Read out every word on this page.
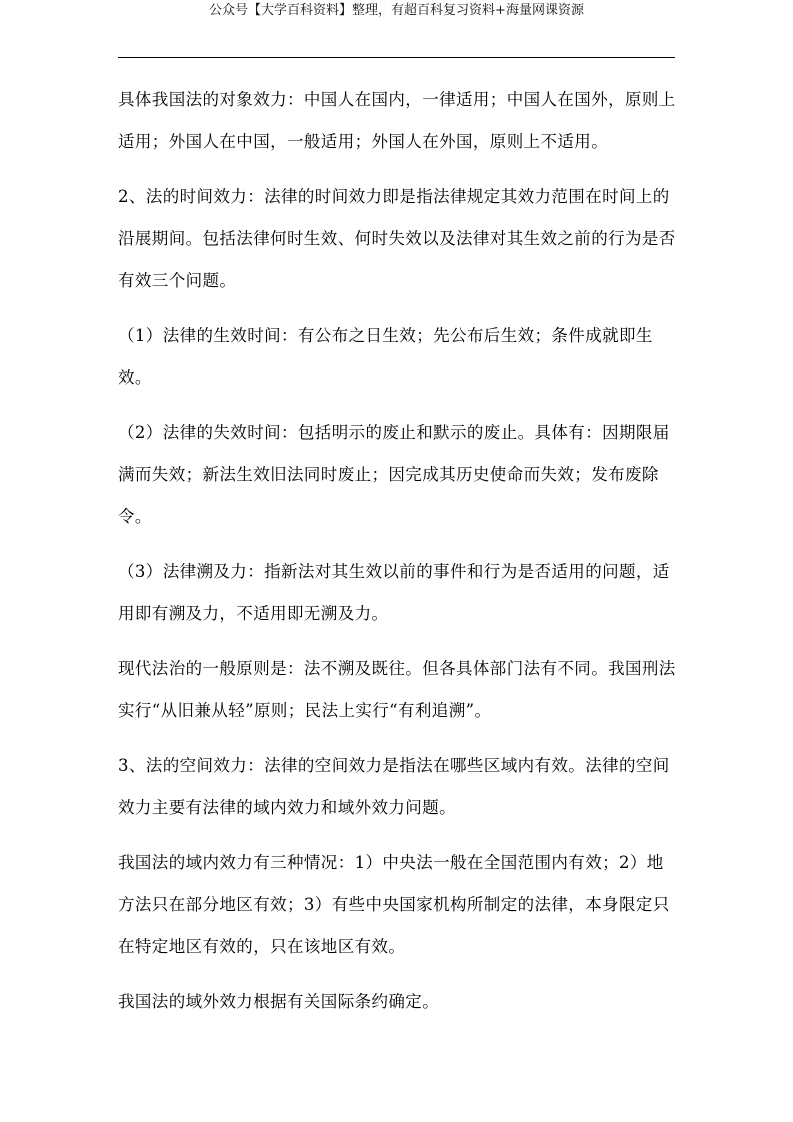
公众号【大学百科资料】整理，有超百科复习资料+海量网课资源

具体我国法的对象效力：中国人在国内，一律适用；中国人在国外，原则上适用；外国人在中国，一般适用；外国人在外国，原则上不适用。

2、法的时间效力：法律的时间效力即是指法律规定其效力范围在时间上的沿展期间。包括法律何时生效、何时失效以及法律对其生效之前的行为是否有效三个问题。

（1）法律的生效时间：有公布之日生效；先公布后生效；条件成就即生效。

（2）法律的失效时间：包括明示的废止和默示的废止。具体有：因期限届满而失效；新法生效旧法同时废止；因完成其历史使命而失效；发布废除令。

（3）法律溯及力：指新法对其生效以前的事件和行为是否适用的问题，适用即有溯及力，不适用即无溯及力。

现代法治的一般原则是：法不溯及既往。但各具体部门法有不同。我国刑法实行“从旧兼从轻”原则；民法上实行“有利追溯”。

3、法的空间效力：法律的空间效力是指法在哪些区域内有效。法律的空间效力主要有法律的域内效力和域外效力问题。

我国法的域内效力有三种情况：1）中央法一般在全国范围内有效；2）地方法只在部分地区有效；3）有些中央国家机构所制定的法律，本身限定只在特定地区有效的，只在该地区有效。

我国法的域外效力根据有关国际条约确定。
